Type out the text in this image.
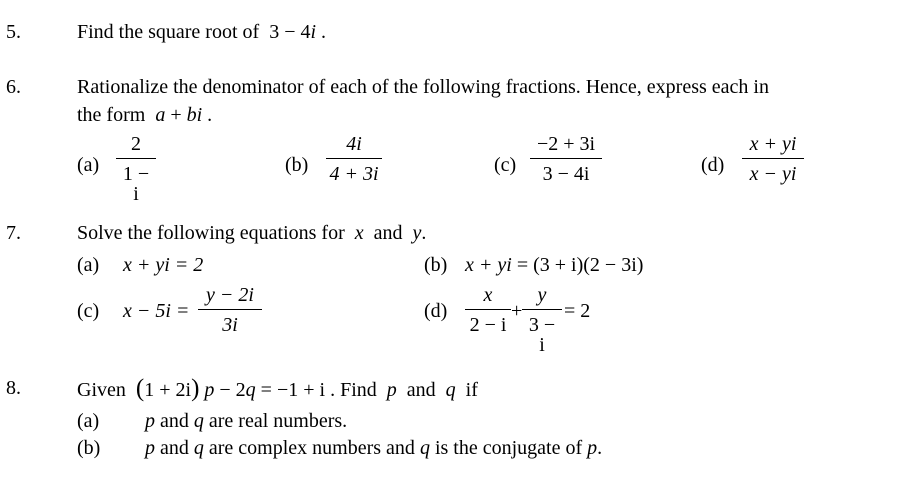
5.	Find the square root of 3 − 4i .
6.	Rationalize the denominator of each of the following fractions. Hence, express each in
the form a + bi .
(a)
2
1 − i
(b)
4i
4 + 3i	(c)
−2 + 3i
3 − 4i	(d)
x + yi
x − yi
7.	Solve the following equations for x and y.
(a) x + yi = 2	(b) x + yi = (3 + i)(2 − 3i)
(c) x − 5i =
y − 2i
3i
(d)
x
2 − i
+
y
3 − i
= 2
8.	Given (1 + 2i) p − 2q = −1 + i . Find p and q if
(a) p and q are real numbers.
(b) p and q are complex numbers and q is the conjugate of p.
